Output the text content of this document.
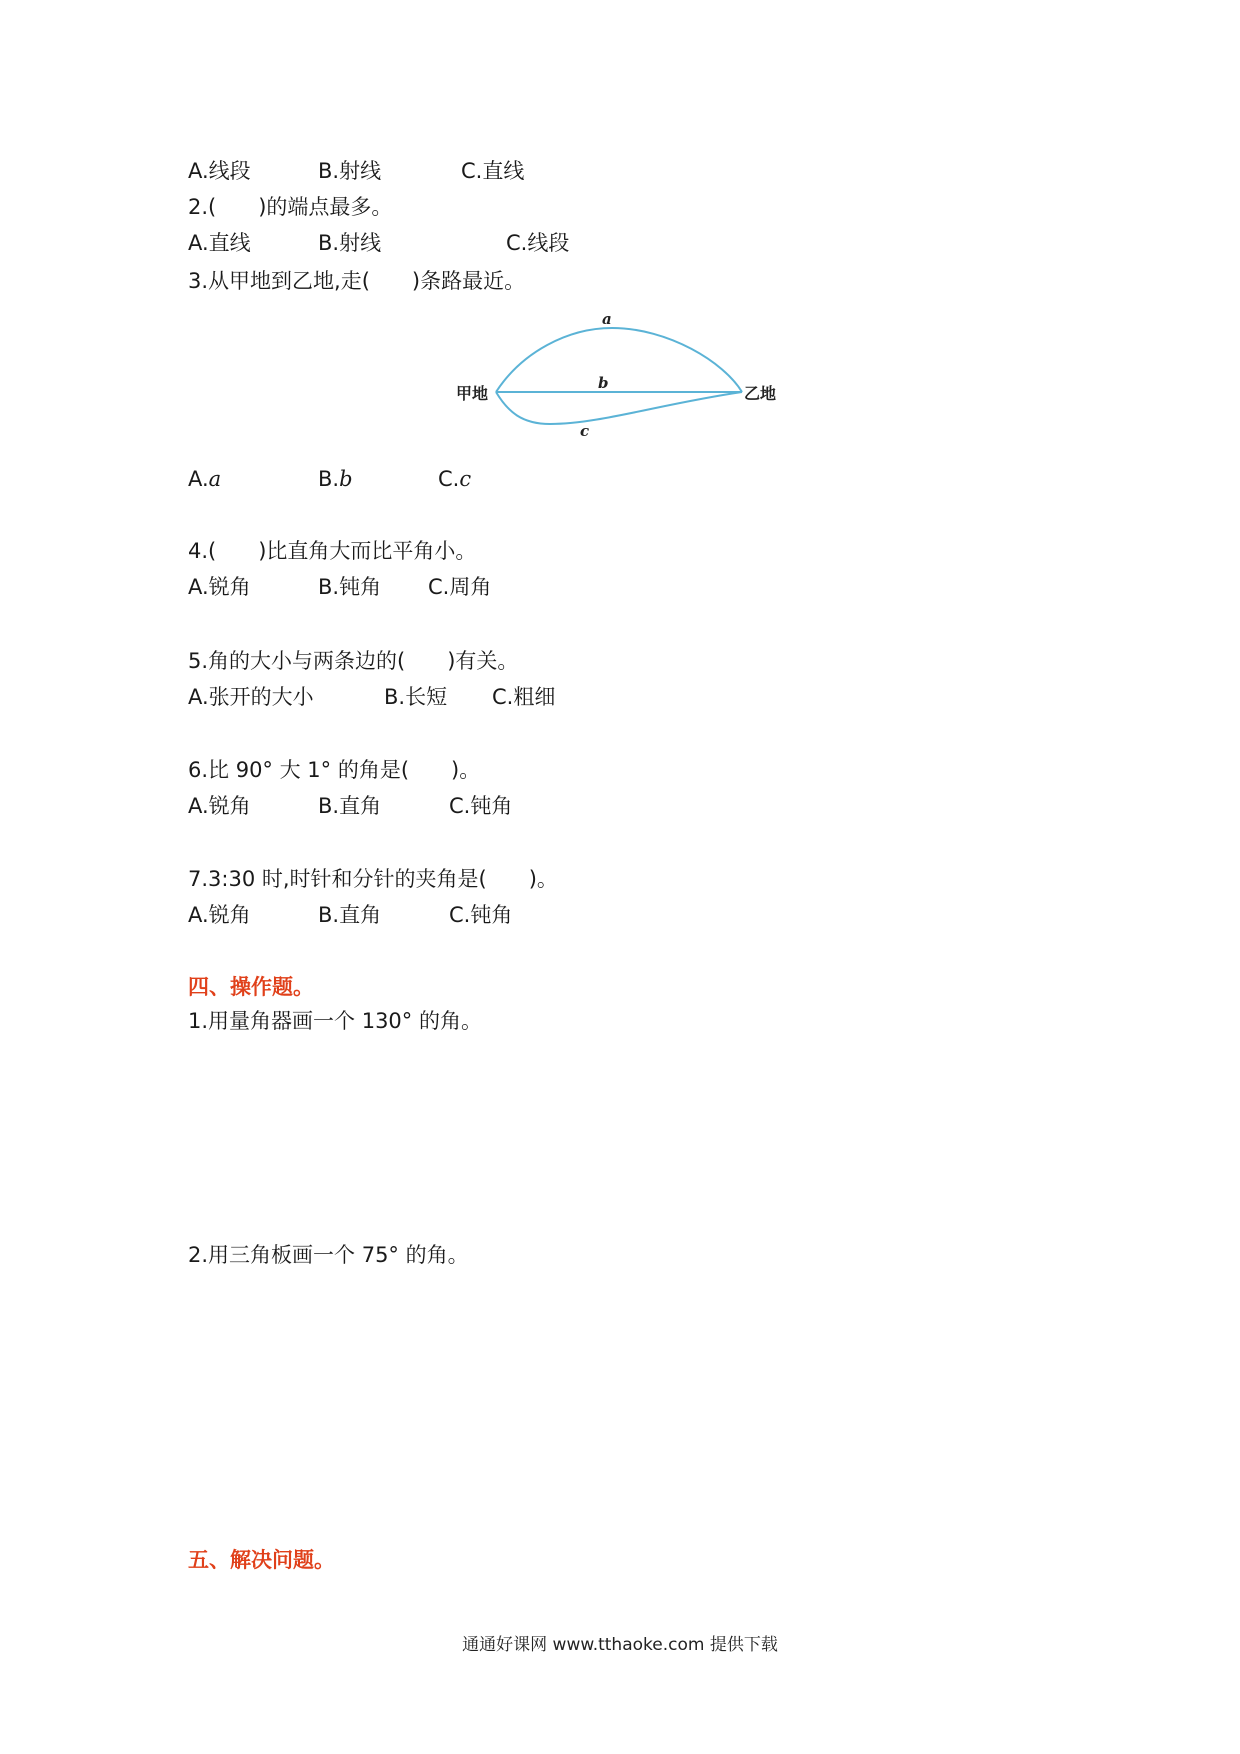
A.线段	B.射线	C.直线
2.(　　)的端点最多。
A.直线	B.射线	C.线段
3.从甲地到乙地,走(　　)条路最近。
a
b
c
甲地	乙地
A.a	B.b	C.c
4.(　　)比直角大而比平角小。
A.锐角	B.钝角 C.周角
5.角的大小与两条边的(　　)有关。
A.张开的大小	B.长短 C.粗细
6.比 90° 大 1° 的角是(　　)。
A.锐角	B.直角	C.钝角
7.3:30 时,时针和分针的夹角是(　　)。
A.锐角	B.直角	C.钝角
四、操作题。
1.用量角器画一个 130° 的角。
2.用三角板画一个 75° 的角。
五、解决问题。
通通好课网 www.tthaoke.com 提供下载
